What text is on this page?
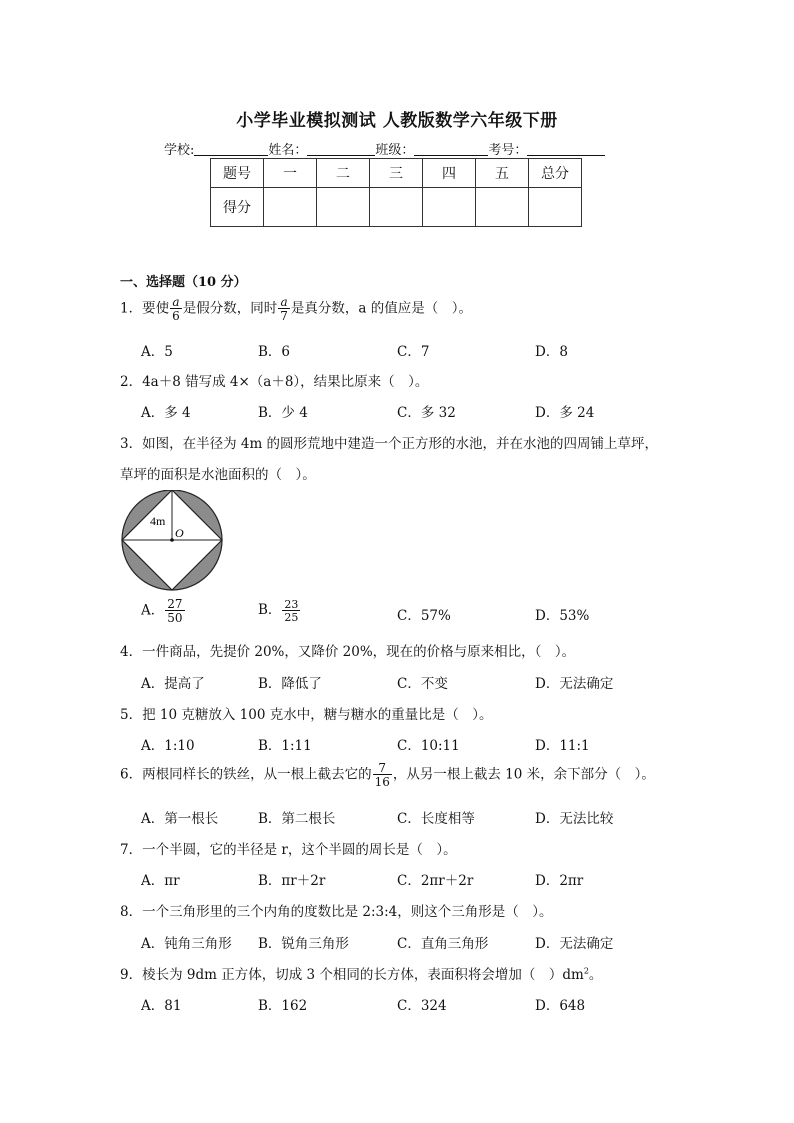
小学毕业模拟测试 人教版数学六年级下册
学校:	姓名：	班级：	考号：
题号	一	二	三	四	五	总分
得分						
一、选择题（10 分）
1．要使 $\frac{a}{6}$ 是假分数，同时 $\frac{a}{7}$ 是真分数，a 的值应是（　）。
A．5	B．6	C．7	D．8
2．4a＋8 错写成 4×（a＋8），结果比原来（　）。
A．多 4	B．少 4	C．多 32	D．多 24
3．如图，在半径为 4m 的圆形荒地中建造一个正方形的水池，并在水池的四周铺上草坪，
草坪的面积是水池面积的（　）。
4m
O
A． $\frac{27}{50}$	B． $\frac{23}{25}$	C．57%	D．53%
4．一件商品，先提价 20%，又降价 20%，现在的价格与原来相比，（　）。
A．提高了	B．降低了	C．不变	D．无法确定
5．把 10 克糖放入 100 克水中，糖与糖水的重量比是（　）。
A．1:10	B．1:11	C．10:11	D．11:1
6．两根同样长的铁丝，从一根上截去它的 $\frac{7}{16}$ ，从另一根上截去 10 米，余下部分（　）。
A．第一根长	B．第二根长	C．长度相等	D．无法比较
7．一个半圆，它的半径是 r，这个半圆的周长是（　）。
A．πr	B．πr＋2r	C．2πr＋2r	D．2πr
8．一个三角形里的三个内角的度数比是 2:3:4，则这个三角形是（　）。
A．钝角三角形 B．锐角三角形	C．直角三角形	D．无法确定
9．棱长为 9dm 正方体，切成 3 个相同的长方体，表面积将会增加（　）$dm^2$。
A．81	B．162	C．324	D．648
